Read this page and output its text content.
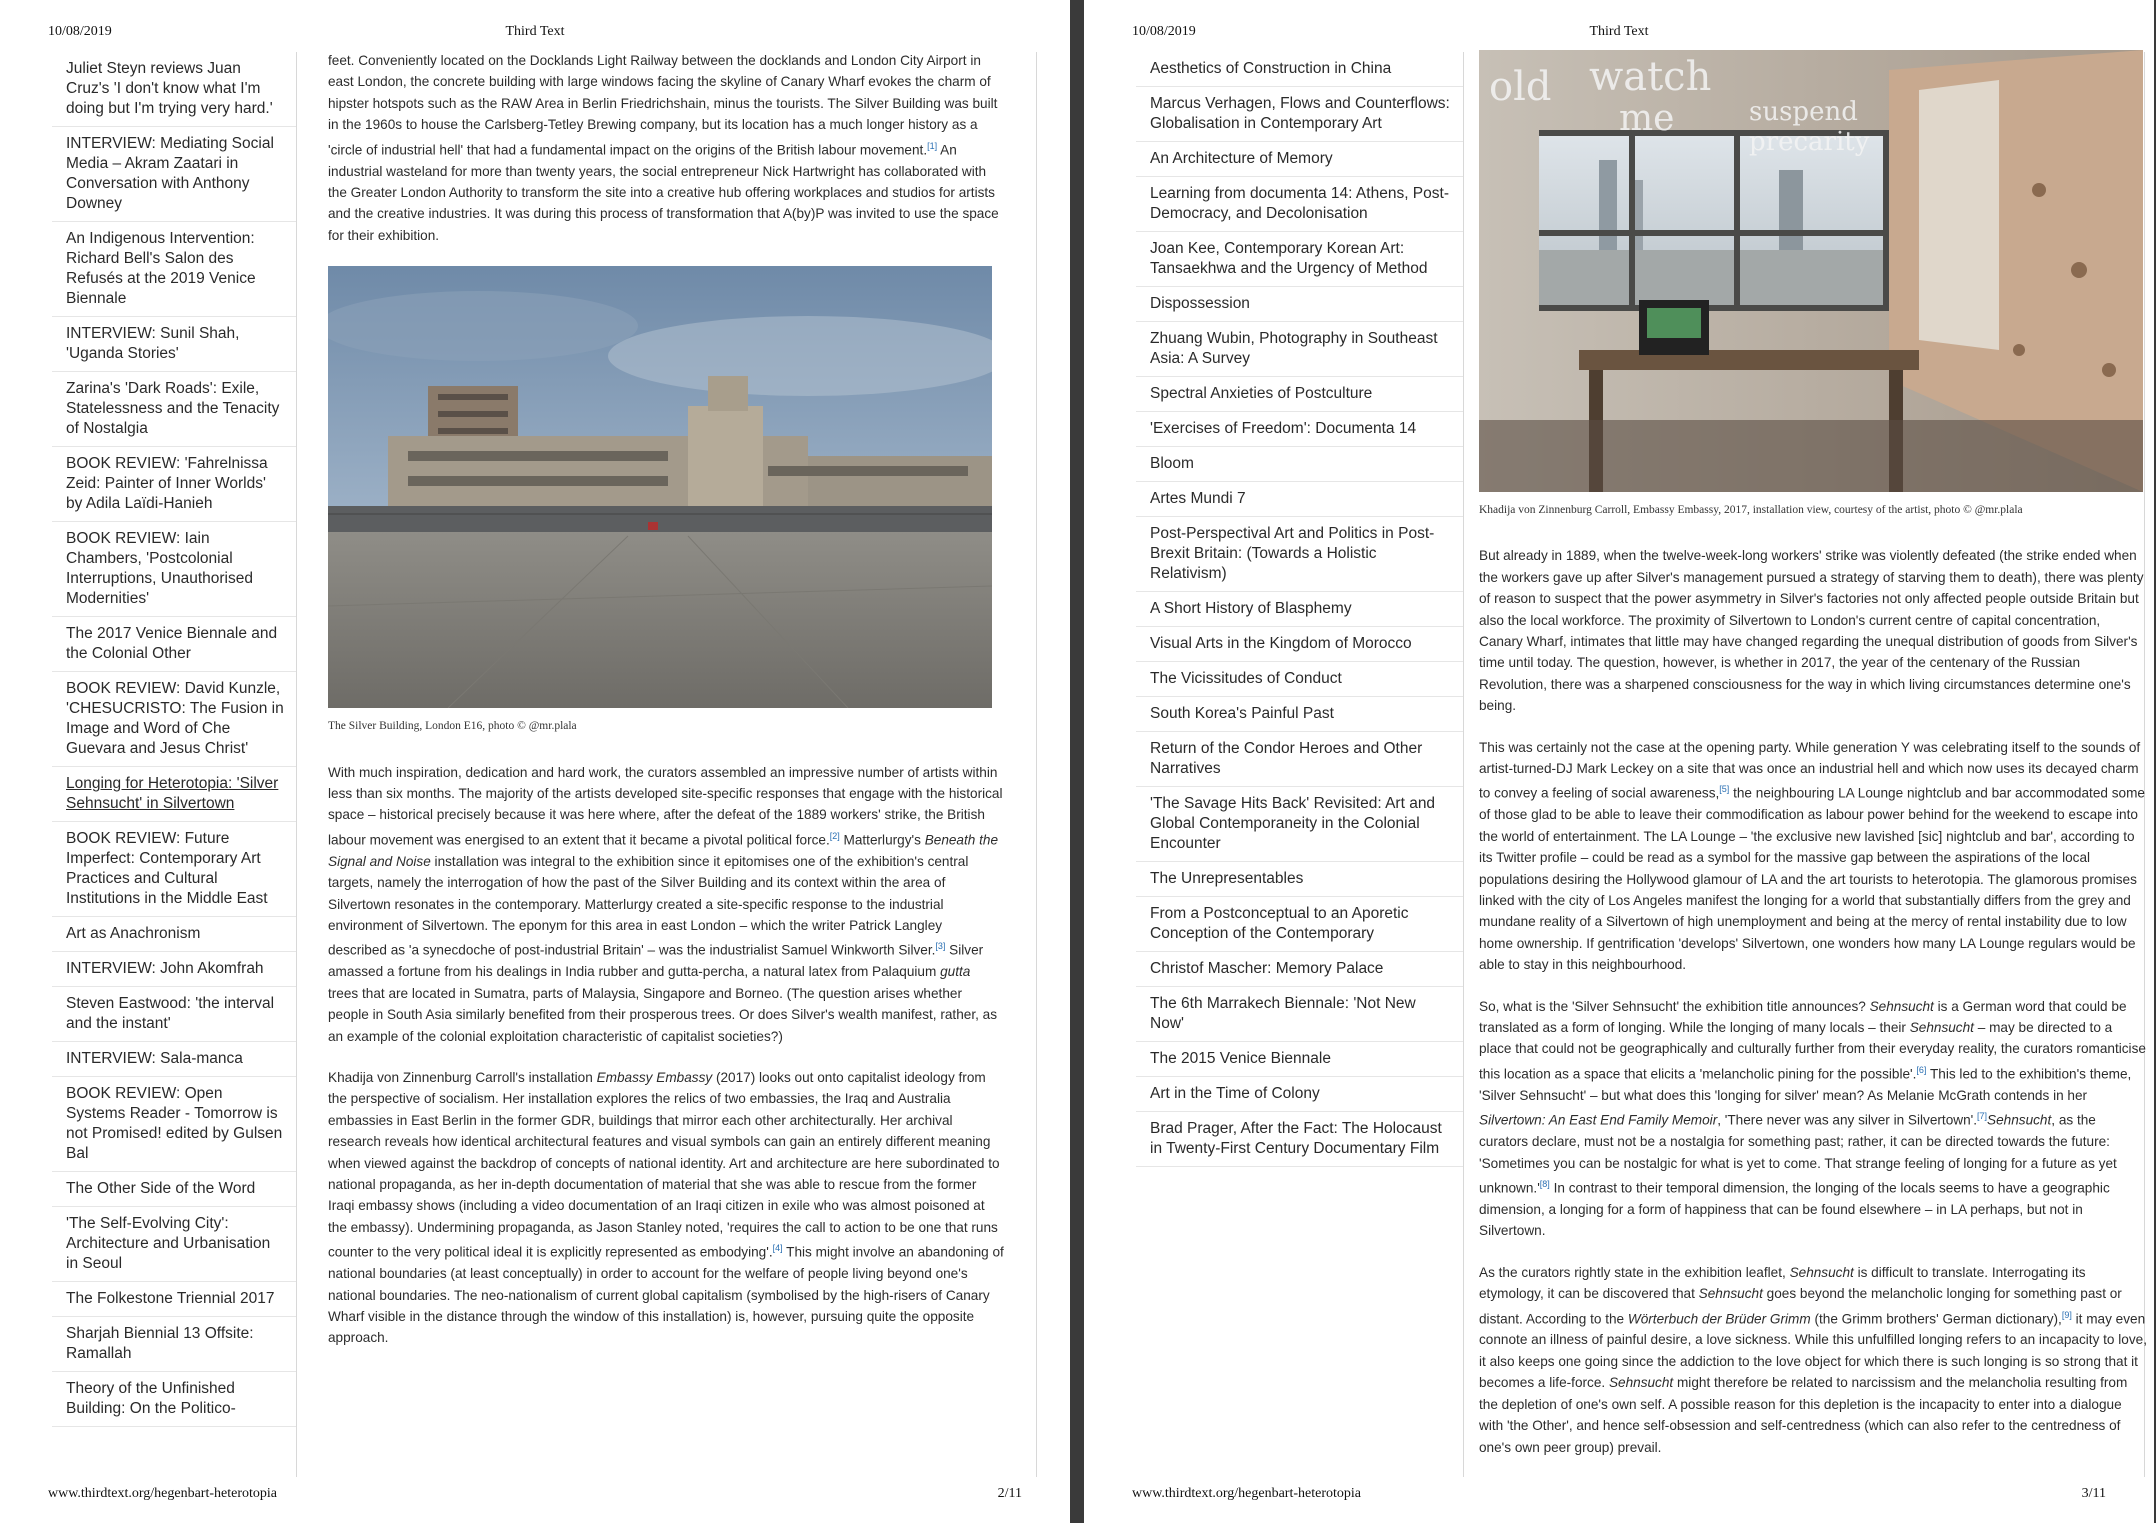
10/08/2019	Third Text
Juliet Steyn reviews Juan Cruz's 'I don't know what I'm doing but I'm trying very hard.'
INTERVIEW: Mediating Social Media – Akram Zaatari in Conversation with Anthony Downey
An Indigenous Intervention: Richard Bell's Salon des Refusés at the 2019 Venice Biennale
INTERVIEW: Sunil Shah, 'Uganda Stories'
Zarina's 'Dark Roads': Exile, Statelessness and the Tenacity of Nostalgia
BOOK REVIEW: 'Fahrelnissa Zeid: Painter of Inner Worlds' by Adila Laïdi-Hanieh
BOOK REVIEW: Iain Chambers, 'Postcolonial Interruptions, Unauthorised Modernities'
The 2017 Venice Biennale and the Colonial Other
BOOK REVIEW: David Kunzle, 'CHESUCRISTO: The Fusion in Image and Word of Che Guevara and Jesus Christ'
Longing for Heterotopia: 'Silver Sehnsucht' in Silvertown
BOOK REVIEW: Future Imperfect: Contemporary Art Practices and Cultural Institutions in the Middle East
Art as Anachronism
INTERVIEW: John Akomfrah
Steven Eastwood: 'the interval and the instant'
INTERVIEW: Sala-manca
BOOK REVIEW: Open Systems Reader - Tomorrow is not Promised! edited by Gulsen Bal
The Other Side of the Word
'The Self-Evolving City': Architecture and Urbanisation in Seoul
The Folkestone Triennial 2017
Sharjah Biennial 13 Offsite: Ramallah
Theory of the Unfinished Building: On the Politico-

feet. Conveniently located on the Docklands Light Railway between the docklands and London City Airport in east London, the concrete building with large windows facing the skyline of Canary Wharf evokes the charm of hipster hotspots such as the RAW Area in Berlin Friedrichshain, minus the tourists. The Silver Building was built in the 1960s to house the Carlsberg-Tetley Brewing company, but its location has a much longer history as a 'circle of industrial hell' that had a fundamental impact on the origins of the British labour movement.[1] An industrial wasteland for more than twenty years, the social entrepreneur Nick Hartwright has collaborated with the Greater London Authority to transform the site into a creative hub offering workplaces and studios for artists and the creative industries. It was during this process of transformation that A(by)P was invited to use the space for their exhibition.

The Silver Building, London E16, photo © @mr.plala

With much inspiration, dedication and hard work, the curators assembled an impressive number of artists within less than six months. The majority of the artists developed site-specific responses that engage with the historical space – historical precisely because it was here where, after the defeat of the 1889 workers' strike, the British labour movement was energised to an extent that it became a pivotal political force.[2] Matterlurgy's Beneath the Signal and Noise installation was integral to the exhibition since it epitomises one of the exhibition's central targets, namely the interrogation of how the past of the Silver Building and its context within the area of Silvertown resonates in the contemporary. Matterlurgy created a site-specific response to the industrial environment of Silvertown. The eponym for this area in east London – which the writer Patrick Langley described as 'a synecdoche of post-industrial Britain' – was the industrialist Samuel Winkworth Silver.[3] Silver amassed a fortune from his dealings in India rubber and gutta-percha, a natural latex from Palaquium gutta trees that are located in Sumatra, parts of Malaysia, Singapore and Borneo. (The question arises whether people in South Asia similarly benefited from their prosperous trees. Or does Silver's wealth manifest, rather, as an example of the colonial exploitation characteristic of capitalist societies?)

Khadija von Zinnenburg Carroll's installation Embassy Embassy (2017) looks out onto capitalist ideology from the perspective of socialism. Her installation explores the relics of two embassies, the Iraq and Australia embassies in East Berlin in the former GDR, buildings that mirror each other architecturally. Her archival research reveals how identical architectural features and visual symbols can gain an entirely different meaning when viewed against the backdrop of concepts of national identity. Art and architecture are here subordinated to national propaganda, as her in-depth documentation of material that she was able to rescue from the former Iraqi embassy shows (including a video documentation of an Iraqi citizen in exile who was almost poisoned at the embassy). Undermining propaganda, as Jason Stanley noted, 'requires the call to action to be one that runs counter to the very political ideal it is explicitly represented as embodying'.[4] This might involve an abandoning of national boundaries (at least conceptually) in order to account for the welfare of people living beyond one's national boundaries. The neo-nationalism of current global capitalism (symbolised by the high-risers of Canary Wharf visible in the distance through the window of this installation) is, however, pursuing quite the opposite approach.

www.thirdtext.org/hegenbart-heterotopia	2/11
10/08/2019	Third Text
Aesthetics of Construction in China
Marcus Verhagen, Flows and Counterflows: Globalisation in Contemporary Art
An Architecture of Memory
Learning from documenta 14: Athens, Post-Democracy, and Decolonisation
Joan Kee, Contemporary Korean Art: Tansaekhwa and the Urgency of Method
Dispossession
Zhuang Wubin, Photography in Southeast Asia: A Survey
Spectral Anxieties of Postculture
'Exercises of Freedom': Documenta 14
Bloom
Artes Mundi 7
Post-Perspectival Art and Politics in Post-Brexit Britain: (Towards a Holistic Relativism)
A Short History of Blasphemy
Visual Arts in the Kingdom of Morocco
The Vicissitudes of Conduct
South Korea's Painful Past
Return of the Condor Heroes and Other Narratives
'The Savage Hits Back' Revisited: Art and Global Contemporaneity in the Colonial Encounter
The Unrepresentables
From a Postconceptual to an Aporetic Conception of the Contemporary
Christof Mascher: Memory Palace
The 6th Marrakech Biennale: 'Not New Now'
The 2015 Venice Biennale
Art in the Time of Colony
Brad Prager, After the Fact: The Holocaust in Twenty-First Century Documentary Film
old watch
me	suspend
precarity
Khadija von Zinnenburg Carroll, Embassy Embassy, 2017, installation view, courtesy of the artist, photo © @mr.plala

But already in 1889, when the twelve-week-long workers' strike was violently defeated (the strike ended when the workers gave up after Silver's management pursued a strategy of starving them to death), there was plenty of reason to suspect that the power asymmetry in Silver's factories not only affected people outside Britain but also the local workforce. The proximity of Silvertown to London's current centre of capital concentration, Canary Wharf, intimates that little may have changed regarding the unequal distribution of goods from Silver's time until today. The question, however, is whether in 2017, the year of the centenary of the Russian Revolution, there was a sharpened consciousness for the way in which living circumstances determine one's being.

This was certainly not the case at the opening party. While generation Y was celebrating itself to the sounds of artist-turned-DJ Mark Leckey on a site that was once an industrial hell and which now uses its decayed charm to convey a feeling of social awareness,[5] the neighbouring LA Lounge nightclub and bar accommodated some of those glad to be able to leave their commodification as labour power behind for the weekend to escape into the world of entertainment. The LA Lounge – 'the exclusive new lavished [sic] nightclub and bar', according to its Twitter profile – could be read as a symbol for the massive gap between the aspirations of the local populations desiring the Hollywood glamour of LA and the art tourists to heterotopia. The glamorous promises linked with the city of Los Angeles manifest the longing for a world that substantially differs from the grey and mundane reality of a Silvertown of high unemployment and being at the mercy of rental instability due to low home ownership. If gentrification 'develops' Silvertown, one wonders how many LA Lounge regulars would be able to stay in this neighbourhood.

So, what is the 'Silver Sehnsucht' the exhibition title announces? Sehnsucht is a German word that could be translated as a form of longing. While the longing of many locals – their Sehnsucht – may be directed to a place that could not be geographically and culturally further from their everyday reality, the curators romanticise this location as a space that elicits a 'melancholic pining for the possible'.[6] This led to the exhibition's theme, 'Silver Sehnsucht' – but what does this 'longing for silver' mean? As Melanie McGrath contends in her Silvertown: An East End Family Memoir, 'There never was any silver in Silvertown'.[7]Sehnsucht, as the curators declare, must not be a nostalgia for something past; rather, it can be directed towards the future: 'Sometimes you can be nostalgic for what is yet to come. That strange feeling of longing for a future as yet unknown.'[8] In contrast to their temporal dimension, the longing of the locals seems to have a geographic dimension, a longing for a form of happiness that can be found elsewhere – in LA perhaps, but not in Silvertown.

As the curators rightly state in the exhibition leaflet, Sehnsucht is difficult to translate. Interrogating its etymology, it can be discovered that Sehnsucht goes beyond the melancholic longing for something past or distant. According to the Wörterbuch der Brüder Grimm (the Grimm brothers' German dictionary),[9] it may even connote an illness of painful desire, a love sickness. While this unfulfilled longing refers to an incapacity to love, it also keeps one going since the addiction to the love object for which there is such longing is so strong that it becomes a life-force. Sehnsucht might therefore be related to narcissism and the melancholia resulting from the depletion of one's own self. A possible reason for this depletion is the incapacity to enter into a dialogue with 'the Other', and hence self-obsession and self-centredness (which can also refer to the centredness of one's own peer group) prevail.

www.thirdtext.org/hegenbart-heterotopia	3/11
